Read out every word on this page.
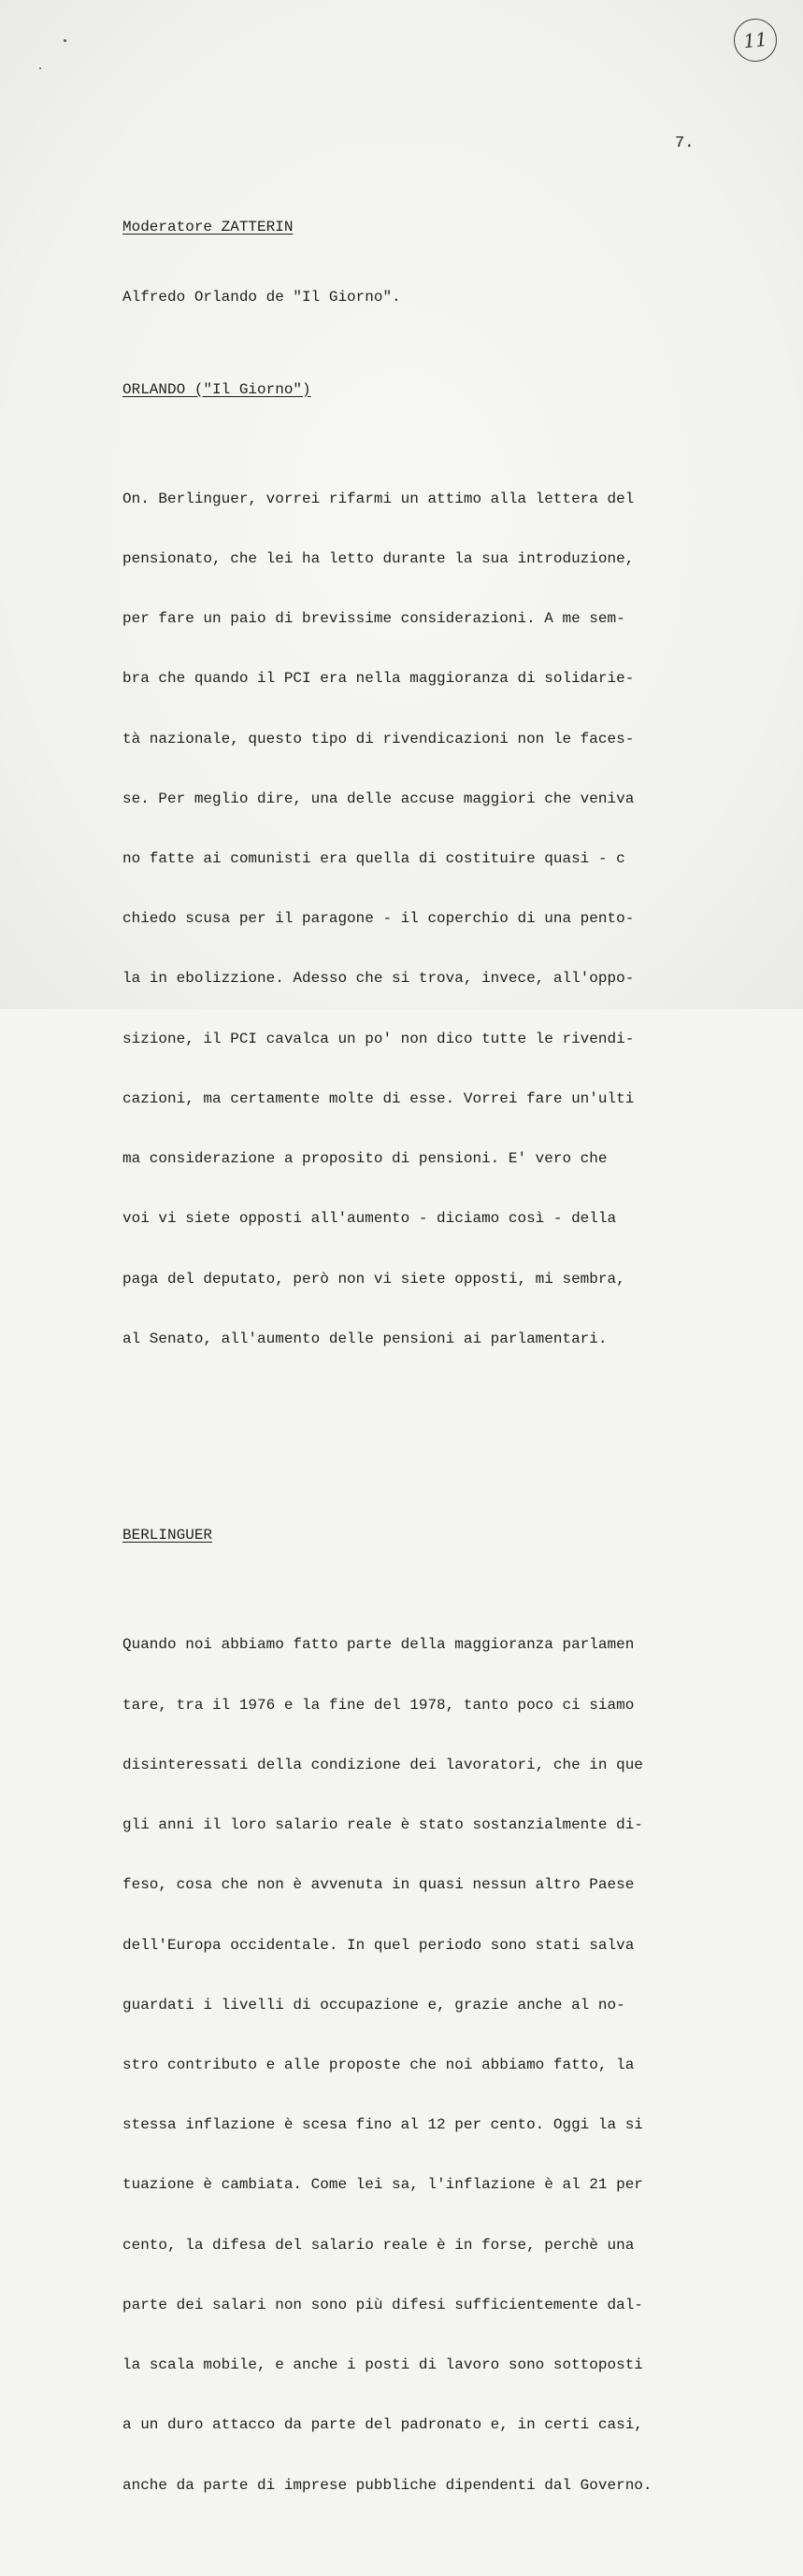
11
7.

Moderatore ZATTERIN

Alfredo Orlando de "Il Giorno".

ORLANDO ("Il Giorno")

On. Berlinguer, vorrei rifarmi un attimo alla lettera del

pensionato, che lei ha letto durante la sua introduzione,

per fare un paio di brevissime considerazioni. A me sem-

bra che quando il PCI era nella maggioranza di solidarie-

tà nazionale, questo tipo di rivendicazioni non le faces-

se. Per meglio dire, una delle accuse maggiori che venivа

no fatte ai comunisti era quella di costituire quasi - c

chiedo scusa per il paragone - il coperchio di una pento-

la in ebolizzione. Adesso che si trova, invece, all'oppo-

sizione, il PCI cavalca un po' non dico tutte le rivendi-

cazioni, ma certamente molte di esse. Vorrei fare un'ulti

ma considerazione a proposito di pensioni. E' vero che

voi vi siete opposti all'aumento - diciamo così - della

paga del deputato, però non vi siete opposti, mi sembra,

al Senato, all'aumento delle pensioni ai parlamentari.

BERLINGUER

Quando noi abbiamo fatto parte della maggioranza parlamen

tare, tra il 1976 e la fine del 1978, tanto poco ci siamo

disinteressati della condizione dei lavoratori, che in que

gli anni il loro salario reale è stato sostanzialmente di-

feso, cosa che non è avvenuta in quasi nessun altro Paese

dell'Europa occidentale. In quel periodo sono stati salva

guardati i livelli di occupazione e, grazie anche al no-

stro contributo e alle proposte che noi abbiamo fatto, la

stessa inflazione è scesa fino al 12 per cento. Oggi la si

tuazione è cambiata. Come lei sa, l'inflazione è al 21 per

cento, la difesa del salario reale è in forse, perchè una

parte dei salari non sono più difesi sufficientemente dal-

la scala mobile, e anche i posti di lavoro sono sottoposti

a un duro attacco da parte del padronato e, in certi casi,

anche da parte di imprese pubbliche dipendenti dal Governo.
